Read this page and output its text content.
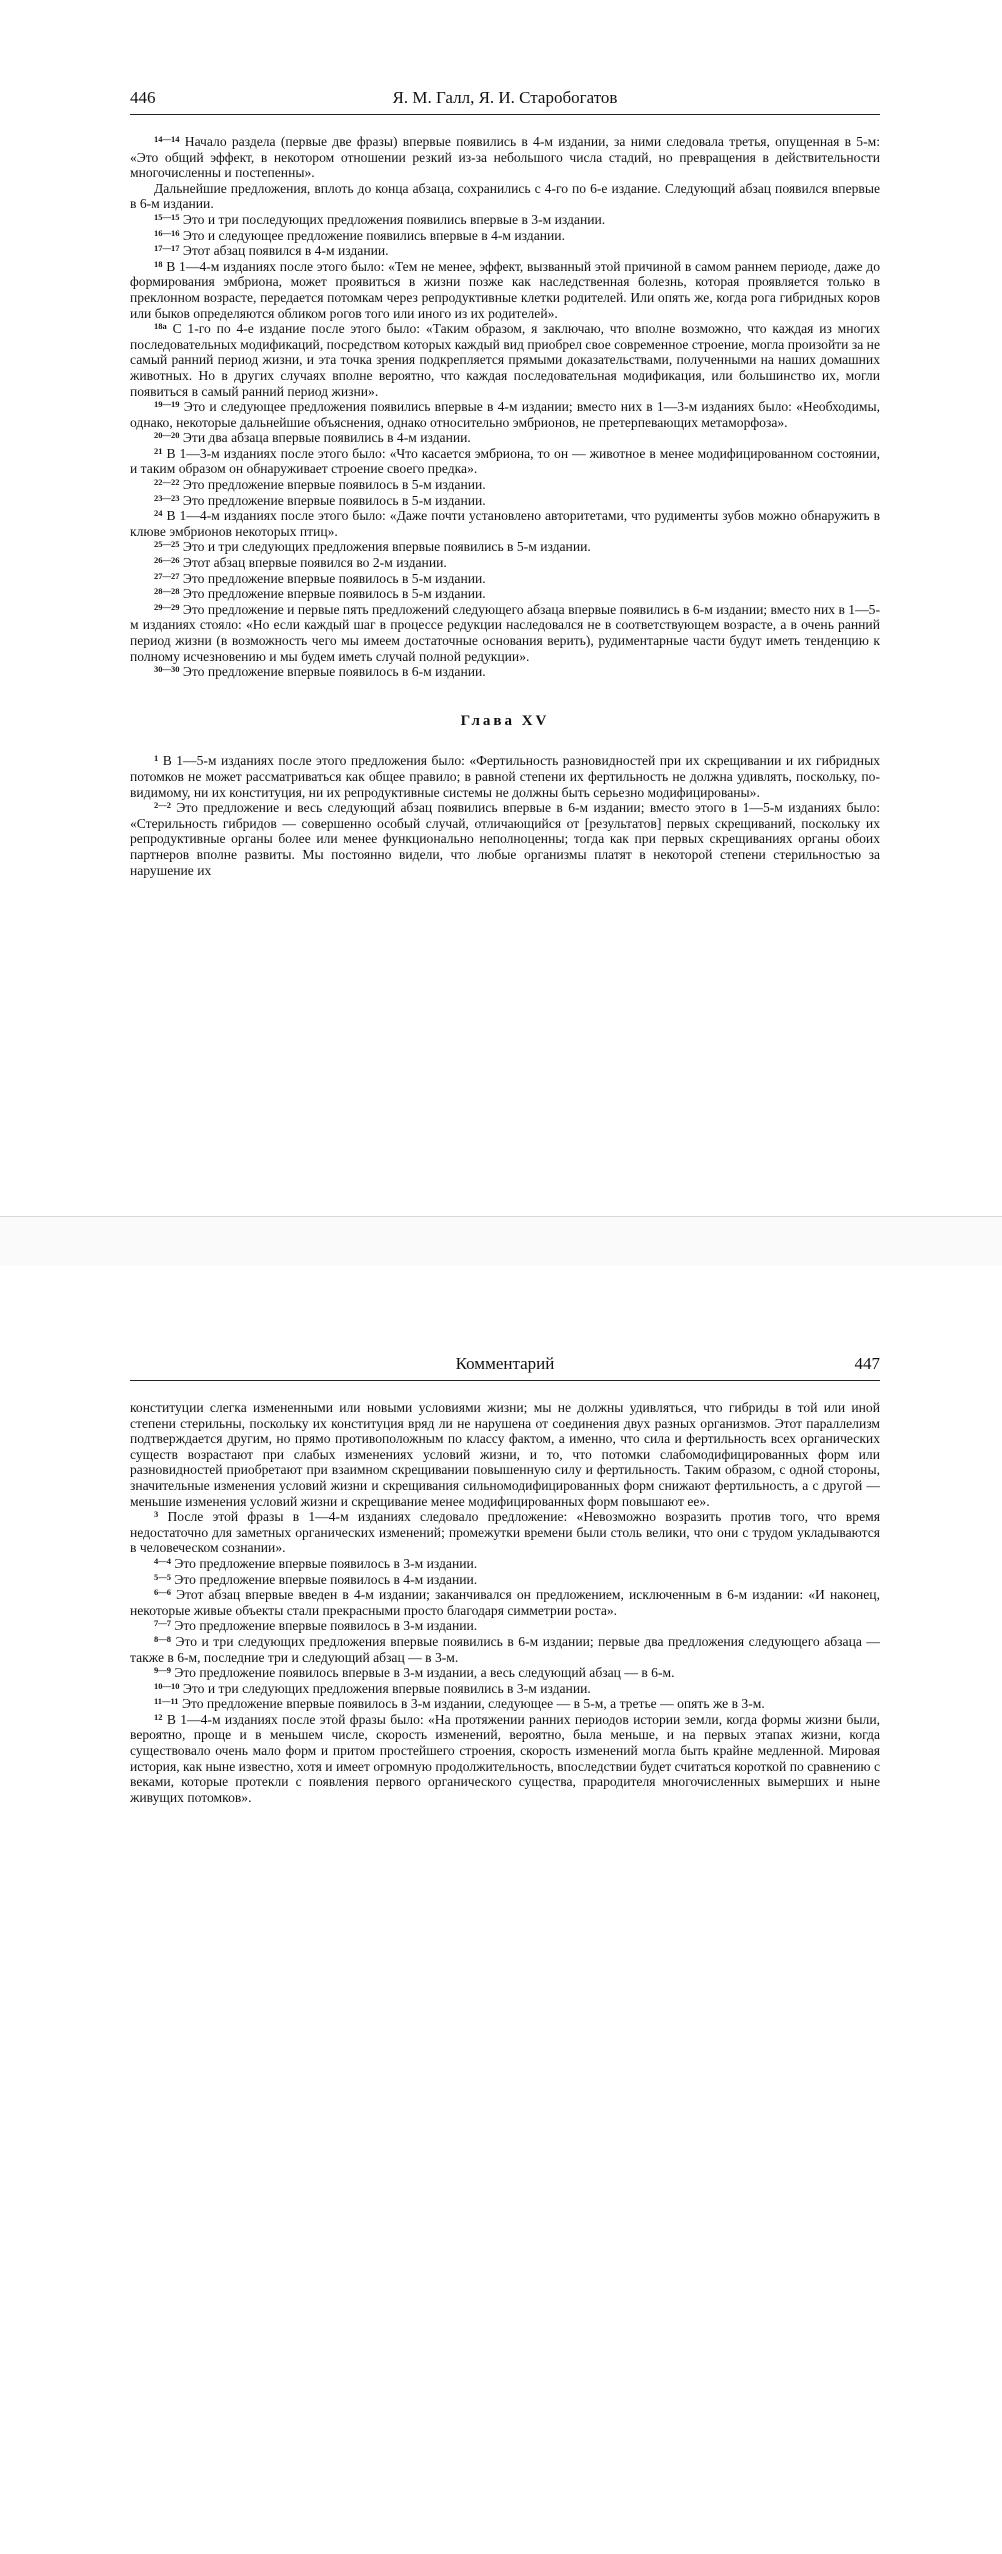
446	Я. М. Галл, Я. И. Старобогатов

$^{14—14}$ Начало раздела (первые две фразы) впервые появились в 4-м издании, за ними следовала третья, опущенная в 5-м: «Это общий эффект, в некотором отношении резкий из-за небольшого числа стадий, но превращения в действительности многочисленны и постепенны».

Дальнейшие предложения, вплоть до конца абзаца, сохранились с 4-го по 6-е издание. Следующий абзац появился впервые в 6-м издании.

$^{15—15}$ Это и три последующих предложения появились впервые в 3-м издании.

$^{16—16}$ Это и следующее предложение появились впервые в 4-м издании.

$^{17—17}$ Этот абзац появился в 4-м издании.

$^{18}$ В 1—4-м изданиях после этого было: «Тем не менее, эффект, вызванный этой причиной в самом раннем периоде, даже до формирования эмбриона, может проявиться в жизни позже как наследственная болезнь, которая проявляется только в преклонном возрасте, передается потомкам через репродуктивные клетки родителей. Или опять же, когда рога гибридных коров или быков определяются обликом рогов того или иного из их родителей».

$^{18a}$ С 1-го по 4-е издание после этого было: «Таким образом, я заключаю, что вполне возможно, что каждая из многих последовательных модификаций, посредством которых каждый вид приобрел свое современное строение, могла произойти за не самый ранний период жизни, и эта точка зрения подкрепляется прямыми доказательствами, полученными на наших домашних животных. Но в других случаях вполне вероятно, что каждая последовательная модификация, или большинство их, могли появиться в самый ранний период жизни».

$^{19—19}$ Это и следующее предложения появились впервые в 4-м издании; вместо них в 1—3-м изданиях было: «Необходимы, однако, некоторые дальнейшие объяснения, однако относительно эмбрионов, не претерпевающих метаморфоза».

$^{20—20}$ Эти два абзаца впервые появились в 4-м издании.

$^{21}$ В 1—3-м изданиях после этого было: «Что касается эмбриона, то он — животное в менее модифицированном состоянии, и таким образом он обнаруживает строение своего предка».

$^{22—22}$ Это предложение впервые появилось в 5-м издании.

$^{23—23}$ Это предложение впервые появилось в 5-м издании.

$^{24}$ В 1—4-м изданиях после этого было: «Даже почти установлено авторитетами, что рудименты зубов можно обнаружить в клюве эмбрионов некоторых птиц».

$^{25—25}$ Это и три следующих предложения впервые появились в 5-м издании.

$^{26—26}$ Этот абзац впервые появился во 2-м издании.

$^{27—27}$ Это предложение впервые появилось в 5-м издании.

$^{28—28}$ Это предложение впервые появилось в 5-м издании.

$^{29—29}$ Это предложение и первые пять предложений следующего абзаца впервые появились в 6-м издании; вместо них в 1—5-м изданиях стояло: «Но если каждый шаг в процессе редукции наследовался не в соответствующем возрасте, а в очень ранний период жизни (в возможность чего мы имеем достаточные основания верить), рудиментарные части будут иметь тенденцию к полному исчезновению и мы будем иметь случай полной редукции».

$^{30—30}$ Это предложение впервые появилось в 6-м издании.

Глава XV

$^1$ В 1—5-м изданиях после этого предложения было: «Фертильность разновидностей при их скрещивании и их гибридных потомков не может рассматриваться как общее правило; в равной степени их фертильность не должна удивлять, поскольку, по-видимому, ни их конституция, ни их репродуктивные системы не должны быть серьезно модифицированы».

$^{2—2}$ Это предложение и весь следующий абзац появились впервые в 6-м издании; вместо этого в 1—5-м изданиях было: «Стерильность гибридов — совершенно особый случай, отличающийся от [результатов] первых скрещиваний, поскольку их репродуктивные органы более или менее функционально неполноценны; тогда как при первых скрещиваниях органы обоих партнеров вполне развиты. Мы постоянно видели, что любые организмы платят в некоторой степени стерильностью за нарушение их

Комментарий	447

конституции слегка измененными или новыми условиями жизни; мы не должны удивляться, что гибриды в той или иной степени стерильны, поскольку их конституция вряд ли не нарушена от соединения двух разных организмов. Этот параллелизм подтверждается другим, но прямо противоположным по классу фактом, а именно, что сила и фертильность всех органических существ возрастают при слабых изменениях условий жизни, и то, что потомки слабомодифицированных форм или разновидностей приобретают при взаимном скрещивании повышенную силу и фертильность. Таким образом, с одной стороны, значительные изменения условий жизни и скрещивания сильномодифицированных форм снижают фертильность, а с другой — меньшие изменения условий жизни и скрещивание менее модифицированных форм повышают ее».

$^3$ После этой фразы в 1—4-м изданиях следовало предложение: «Невозможно возразить против того, что время недостаточно для заметных органических изменений; промежутки времени были столь велики, что они с трудом укладываются в человеческом сознании».

$^{4—4}$ Это предложение впервые появилось в 3-м издании.

$^{5—5}$ Это предложение впервые появилось в 4-м издании.

$^{6—6}$ Этот абзац впервые введен в 4-м издании; заканчивался он предложением, исключенным в 6-м издании: «И наконец, некоторые живые объекты стали прекрасными просто благодаря симметрии роста».

$^{7—7}$ Это предложение впервые появилось в 3-м издании.

$^{8—8}$ Это и три следующих предложения впервые появились в 6-м издании; первые два предложения следующего абзаца — также в 6-м, последние три и следующий абзац — в 3-м.

$^{9—9}$ Это предложение появилось впервые в 3-м издании, а весь следующий абзац — в 6-м.

$^{10—10}$ Это и три следующих предложения впервые появились в 3-м издании.

$^{11—11}$ Это предложение впервые появилось в 3-м издании, следующее — в 5-м, а третье — опять же в 3-м.

$^{12}$ В 1—4-м изданиях после этой фразы было: «На протяжении ранних периодов истории земли, когда формы жизни были, вероятно, проще и в меньшем числе, скорость изменений, вероятно, была меньше, и на первых этапах жизни, когда существовало очень мало форм и притом простейшего строения, скорость изменений могла быть крайне медленной. Мировая история, как ныне известно, хотя и имеет огромную продолжительность, впоследствии будет считаться короткой по сравнению с веками, которые протекли с появления первого органического существа, прародителя многочисленных вымерших и ныне живущих потомков».
